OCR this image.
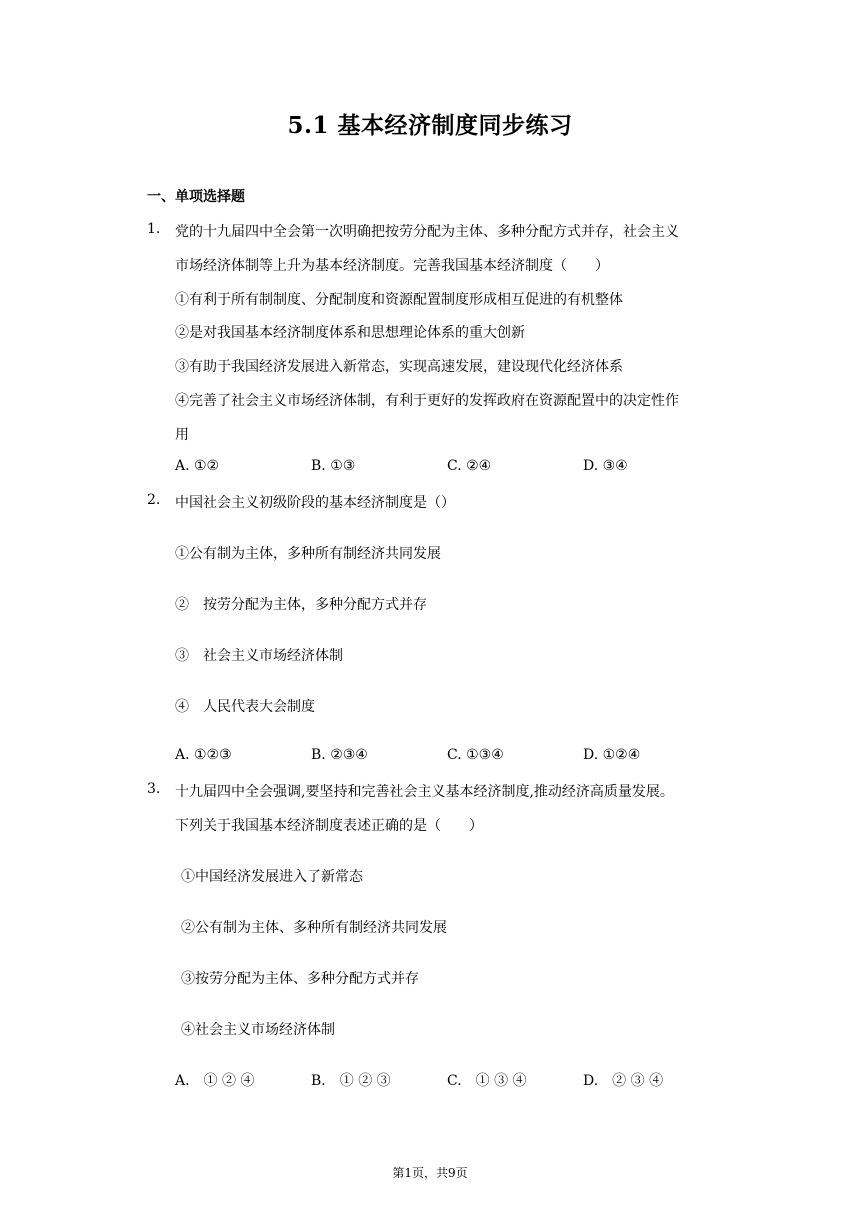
5.1 基本经济制度同步练习
一、单项选择题
1. 党的十九届四中全会第一次明确把按劳分配为主体、多种分配方式并存，社会主义
市场经济体制等上升为基本经济制度。完善我国基本经济制度（　　）
①有利于所有制制度、分配制度和资源配置制度形成相互促进的有机整体
②是对我国基本经济制度体系和思想理论体系的重大创新
③有助于我国经济发展进入新常态，实现高速发展，建设现代化经济体系
④完善了社会主义市场经济体制，有利于更好的发挥政府在资源配置中的决定性作
用
A. ①②	B. ①③	C. ②④	D. ③④
2. 中国社会主义初级阶段的基本经济制度是（）
①公有制为主体，多种所有制经济共同发展
②　按劳分配为主体，多种分配方式并存
③　社会主义市场经济体制
④　人民代表大会制度
A. ①②③	B. ②③④	C. ①③④	D. ①②④
3. 十九届四中全会强调,要坚持和完善社会主义基本经济制度,推动经济高质量发展。
下列关于我国基本经济制度表述正确的是（　　）
①中国经济发展进入了新常态
②公有制为主体、多种所有制经济共同发展
③按劳分配为主体、多种分配方式并存
④社会主义市场经济体制
A.　① ② ④	B.　① ② ③	C.　① ③ ④	D.　② ③ ④
第1页，共9页
